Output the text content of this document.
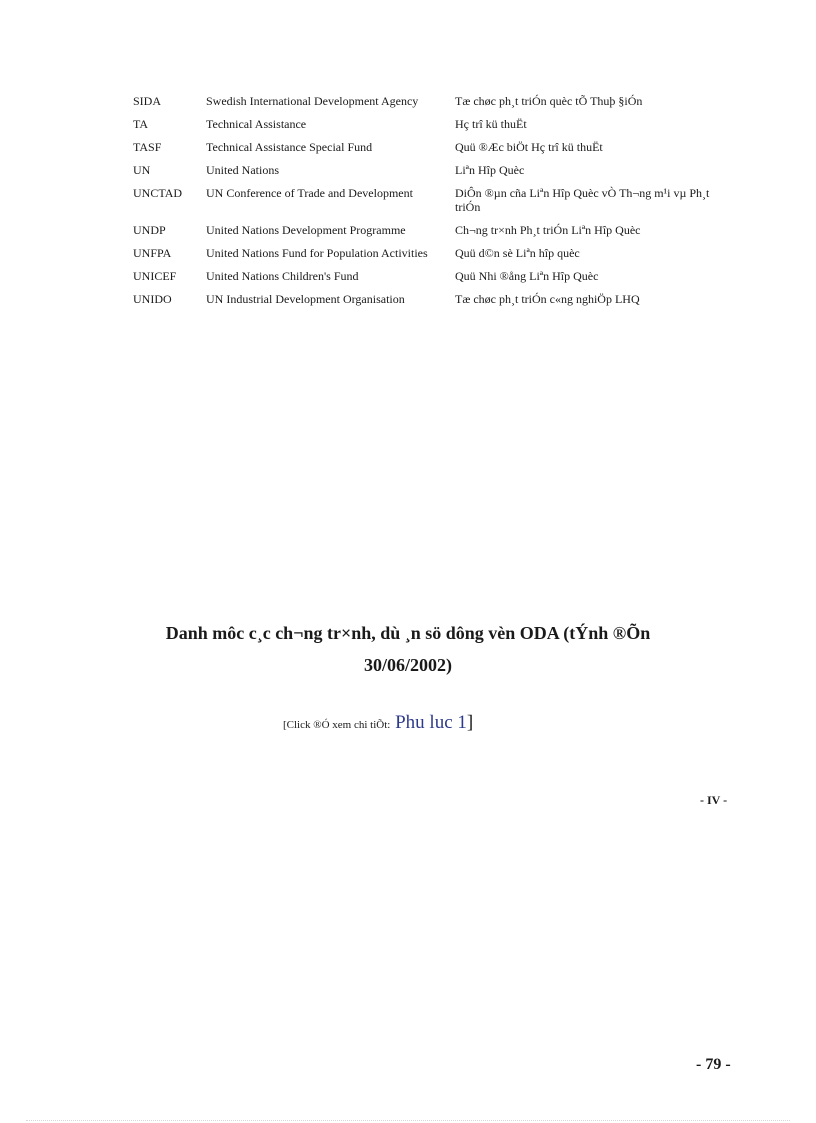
SIDA	Swedish International Development Agency	Tæ chøc ph¸t triÓn quèc tÕ Thuþ §iÓn
TA	Technical Assistance	Hç trî kü thuËt
TASF	Technical Assistance Special Fund	Quü ®Æc biÖt Hç trî kü thuËt
UN	United Nations	Liªn Hîp Quèc
UNCTAD	UN Conference of Trade and Development	DiÔn ®µn cña Liªn Hîp Quèc vÒ Th¬ng m¹i vµ Ph¸t triÓn
UNDP	United Nations Development Programme	Ch¬ng tr×nh Ph¸t triÓn Liªn Hîp Quèc
UNFPA	United Nations Fund for Population Activities	Quü d©n sè Liªn hîp quèc
UNICEF	United Nations Children's Fund	Quü Nhi ®ång Liªn Hîp Quèc
UNIDO	UN Industrial Development Organisation	Tæ chøc ph¸t triÓn c«ng nghiÖp LHQ
Danh môc c¸c ch¬ng tr×nh, dù ¸n sö dông vèn ODA (tÝnh ®Õn
30/06/2002)
[Click ®Ó xem chi tiÕt: Phu luc 1]
- IV -
- 79 -
